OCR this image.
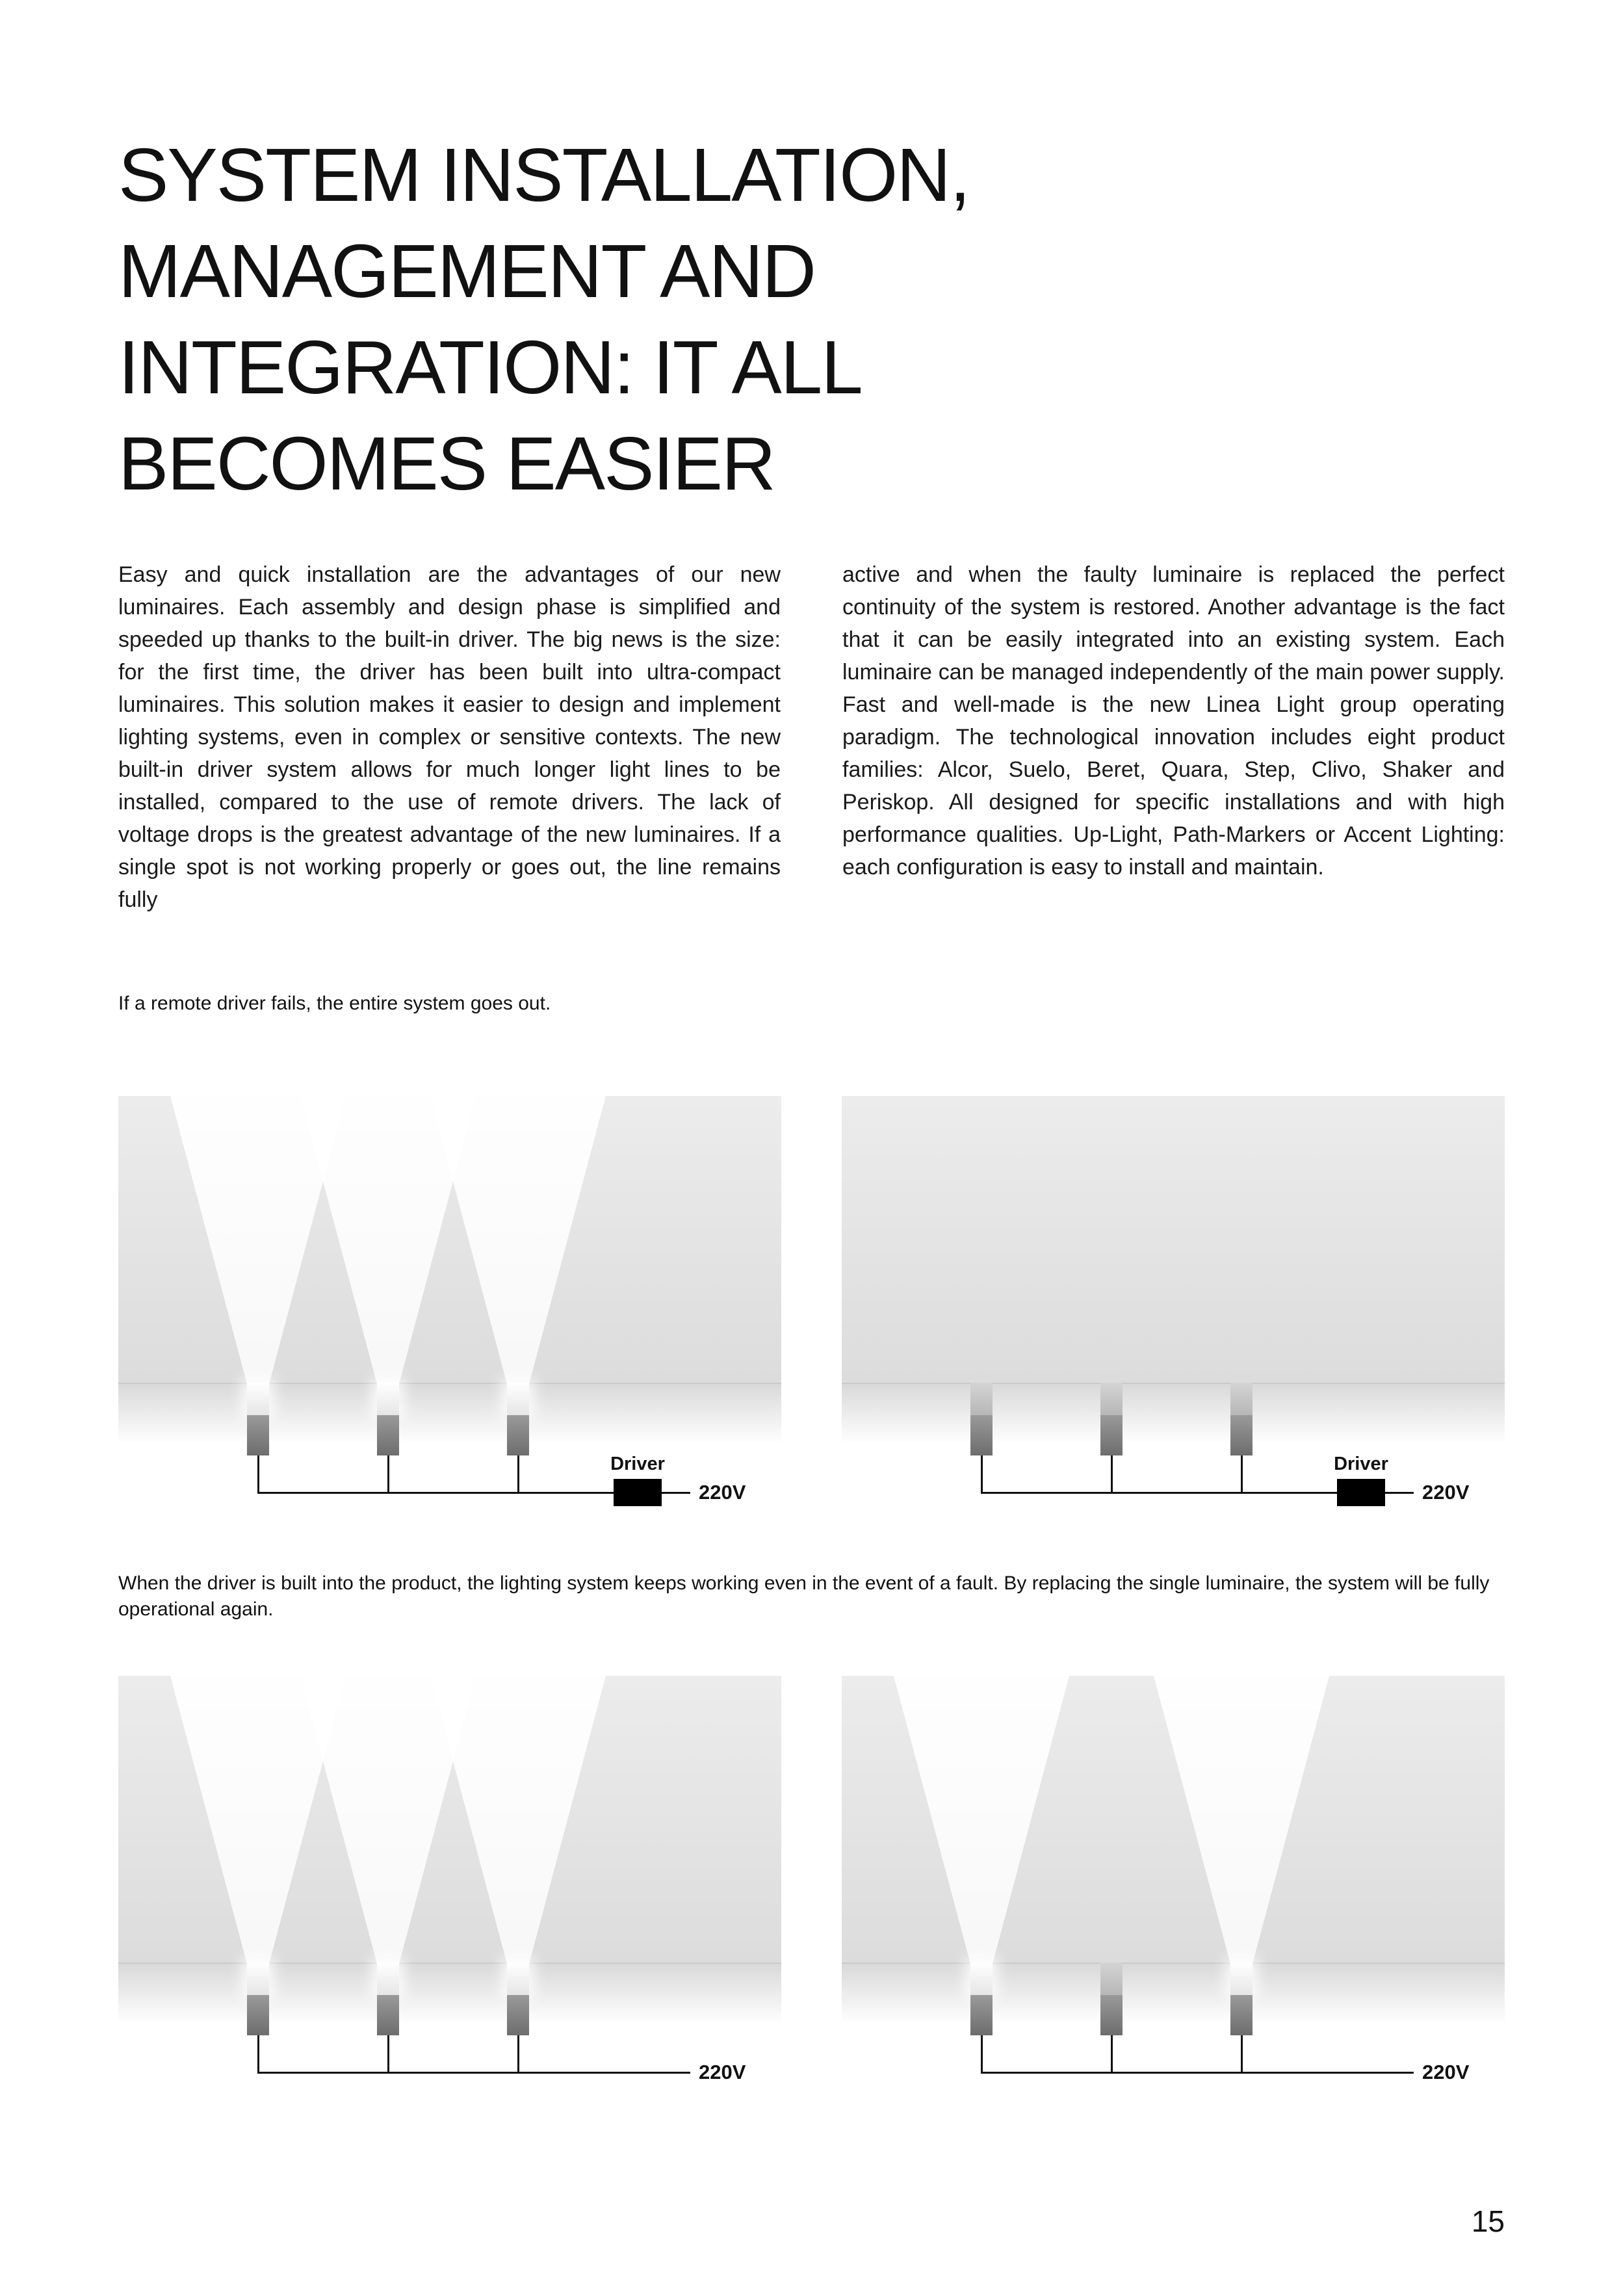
SYSTEM INSTALLATION,
MANAGEMENT AND
INTEGRATION: IT ALL
BECOMES EASIER

Easy and quick installation are the advantages of our new luminaires. Each assembly and design phase is simplified and speeded up thanks to the built-in driver. The big news is the size: for the first time, the driver has been built into ultra-compact luminaires. This solution makes it easier to design and implement lighting systems, even in complex or sensitive contexts. The new built-in driver system allows for much longer light lines to be installed, compared to the use of remote drivers. The lack of voltage drops is the greatest advantage of the new luminaires. If a single spot is not working properly or goes out, the line remains fully

active and when the faulty luminaire is replaced the perfect continuity of the system is restored. Another advantage is the fact that it can be easily integrated into an existing system. Each luminaire can be managed independently of the main power supply. Fast and well-made is the new Linea Light group operating paradigm. The technological innovation includes eight product families: Alcor, Suelo, Beret, Quara, Step, Clivo, Shaker and Periskop. All designed for specific installations and with high performance qualities. Up-Light, Path-Markers or Accent Lighting: each configuration is easy to install and maintain.

If a remote driver fails, the entire system goes out.

Driver
220V
Driver
220V

When the driver is built into the product, the lighting system keeps working even in the event of a fault. By replacing the single luminaire, the system will be fully operational again.

220V	220V
15
